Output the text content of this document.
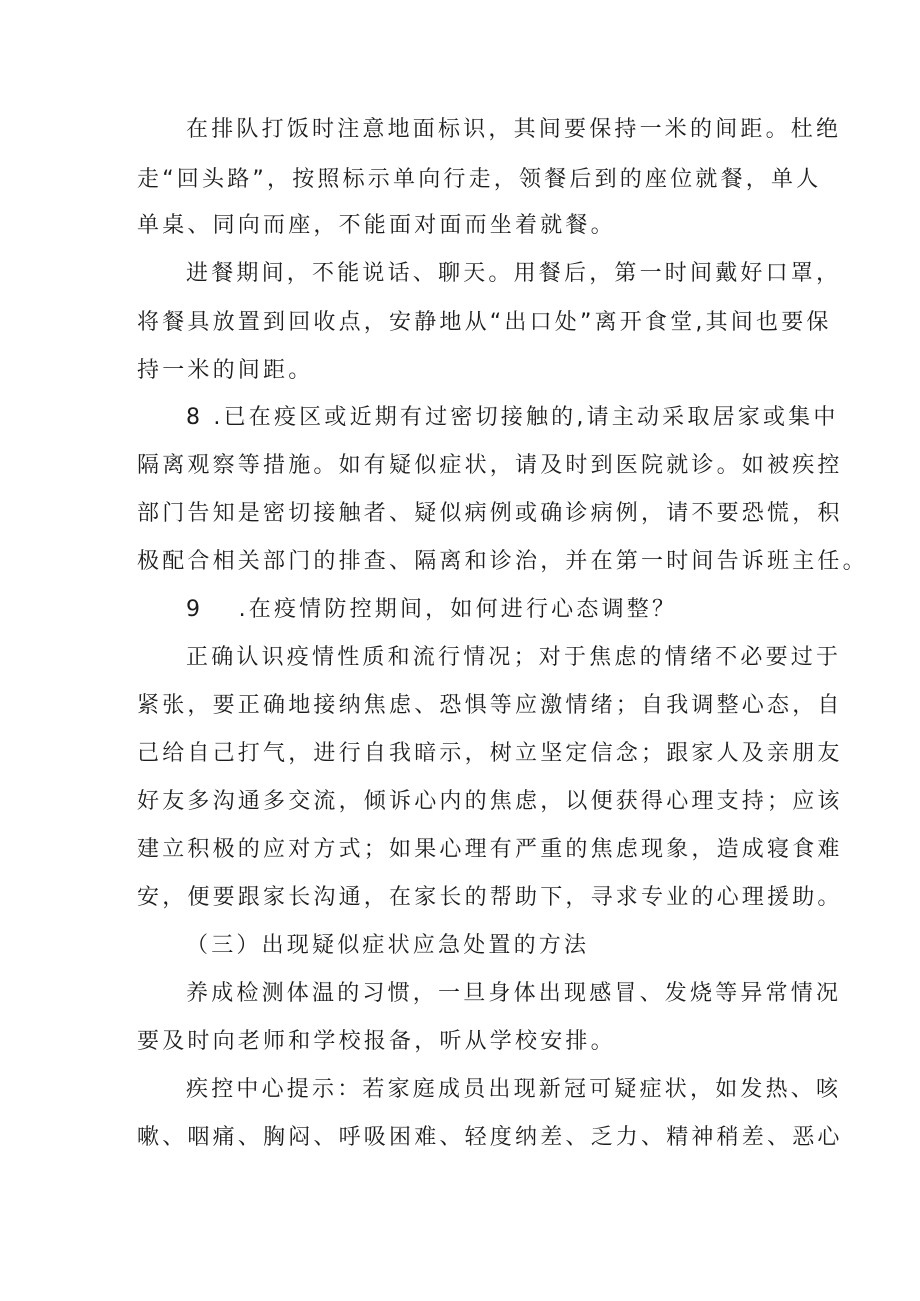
在排队打饭时注意地面标识，其间要保持一米的间距。杜绝
走“回头路”，按照标示单向行走，领餐后到的座位就餐，单人
单桌、同向而座，不能面对面而坐着就餐。
进餐期间，不能说话、聊天。用餐后，第一时间戴好口罩，
将餐具放置到回收点，安静地从“出口处”离开食堂,其间也要保
持一米的间距。
8 .已在疫区或近期有过密切接触的,请主动采取居家或集中
隔离观察等措施。如有疑似症状，请及时到医院就诊。如被疾控
部门告知是密切接触者、疑似病例或确诊病例，请不要恐慌，积
极配合相关部门的排查、隔离和诊治，并在第一时间告诉班主任。
9　 .在疫情防控期间，如何进行心态调整？
正确认识疫情性质和流行情况；对于焦虑的情绪不必要过于
紧张，要正确地接纳焦虑、恐惧等应激情绪；自我调整心态，自
己给自己打气，进行自我暗示，树立坚定信念；跟家人及亲朋友
好友多沟通多交流，倾诉心内的焦虑，以便获得心理支持；应该
建立积极的应对方式；如果心理有严重的焦虑现象，造成寝食难
安，便要跟家长沟通，在家长的帮助下，寻求专业的心理援助。
（三）出现疑似症状应急处置的方法
养成检测体温的习惯，一旦身体出现感冒、发烧等异常情况
要及时向老师和学校报备，听从学校安排。
疾控中心提示：若家庭成员出现新冠可疑症状，如发热、咳
嗽、咽痛、胸闷、呼吸困难、轻度纳差、乏力、精神稍差、恶心
